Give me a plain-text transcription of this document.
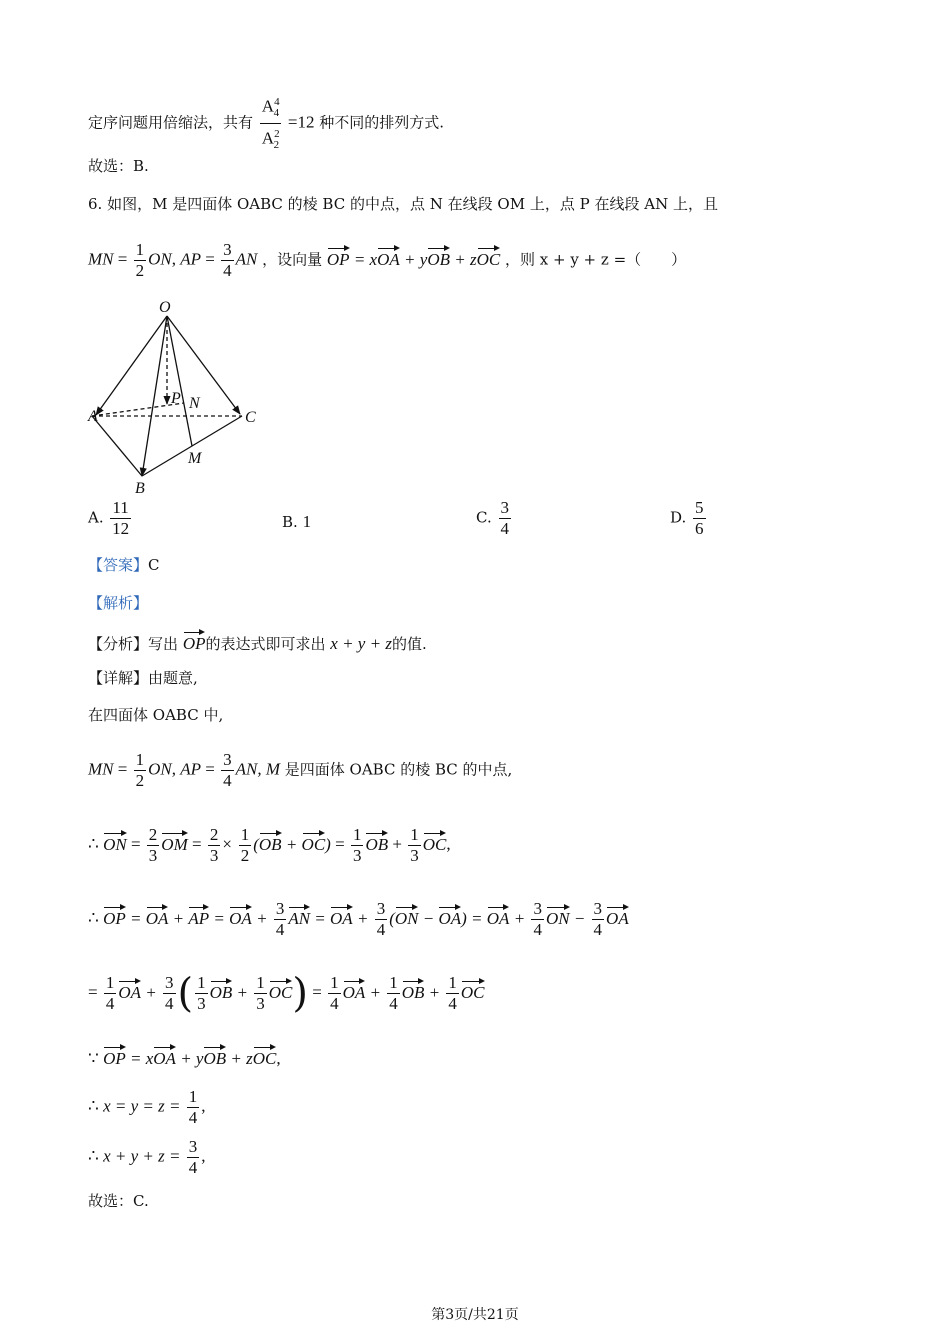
定序问题用倍缩法，共有 $\frac{A^4_4}{A^2_2} =12$ 种不同的排列方式.
故选：B.
6. 如图，M 是四面体 OABC 的棱 BC 的中点，点 N 在线段 OM 上，点 P 在线段 AN 上，且
MN = $\frac{1}{2}$ ON, AP = $\frac{3}{4}$ AN ，设向量 OP = xOA + yOB + zOC ，则 x + y + z =（　　）
O
A
B
C
M
N
P
A. $\frac{11}{12}$	B. 1	C. $\frac{3}{4}$	D. $\frac{5}{6}$
【答案】C
【解析】
【分析】写出 OP的表达式即可求出 x + y + z的值.
【详解】由题意,
在四面体 OABC 中,
MN = $\frac{1}{2}$ ON, AP = $\frac{3}{4}$ AN, M 是四面体 OABC 的棱 BC 的中点,
∴ ON = $\frac{2}{3}$ OM = $\frac{2}{3} \times \frac{1}{2} (OB + OC) = \frac{1}{3}$ OB + $\frac{1}{3}$ OC,
∴ OP = OA + AP = OA + $\frac{3}{4}$ AN = OA + $\frac{3}{4} (ON - OA)$ = OA + $\frac{3}{4}$ ON − $\frac{3}{4}$ OA
= $\frac{1}{4}$ OA + $\frac{3}{4}$ ( $\frac{1}{3}$ OB + $\frac{1}{3} OC) = \frac{1}{4}$ OA + $\frac{1}{4}$ OB + $\frac{1}{4}$ OC
∵ OP = xOA + yOB + zOC,
∴ $x = y = z = \frac{1}{4}$ ,
∴ $x + y + z = \frac{3}{4}$ ,
故选：C.
第3页/共21页
